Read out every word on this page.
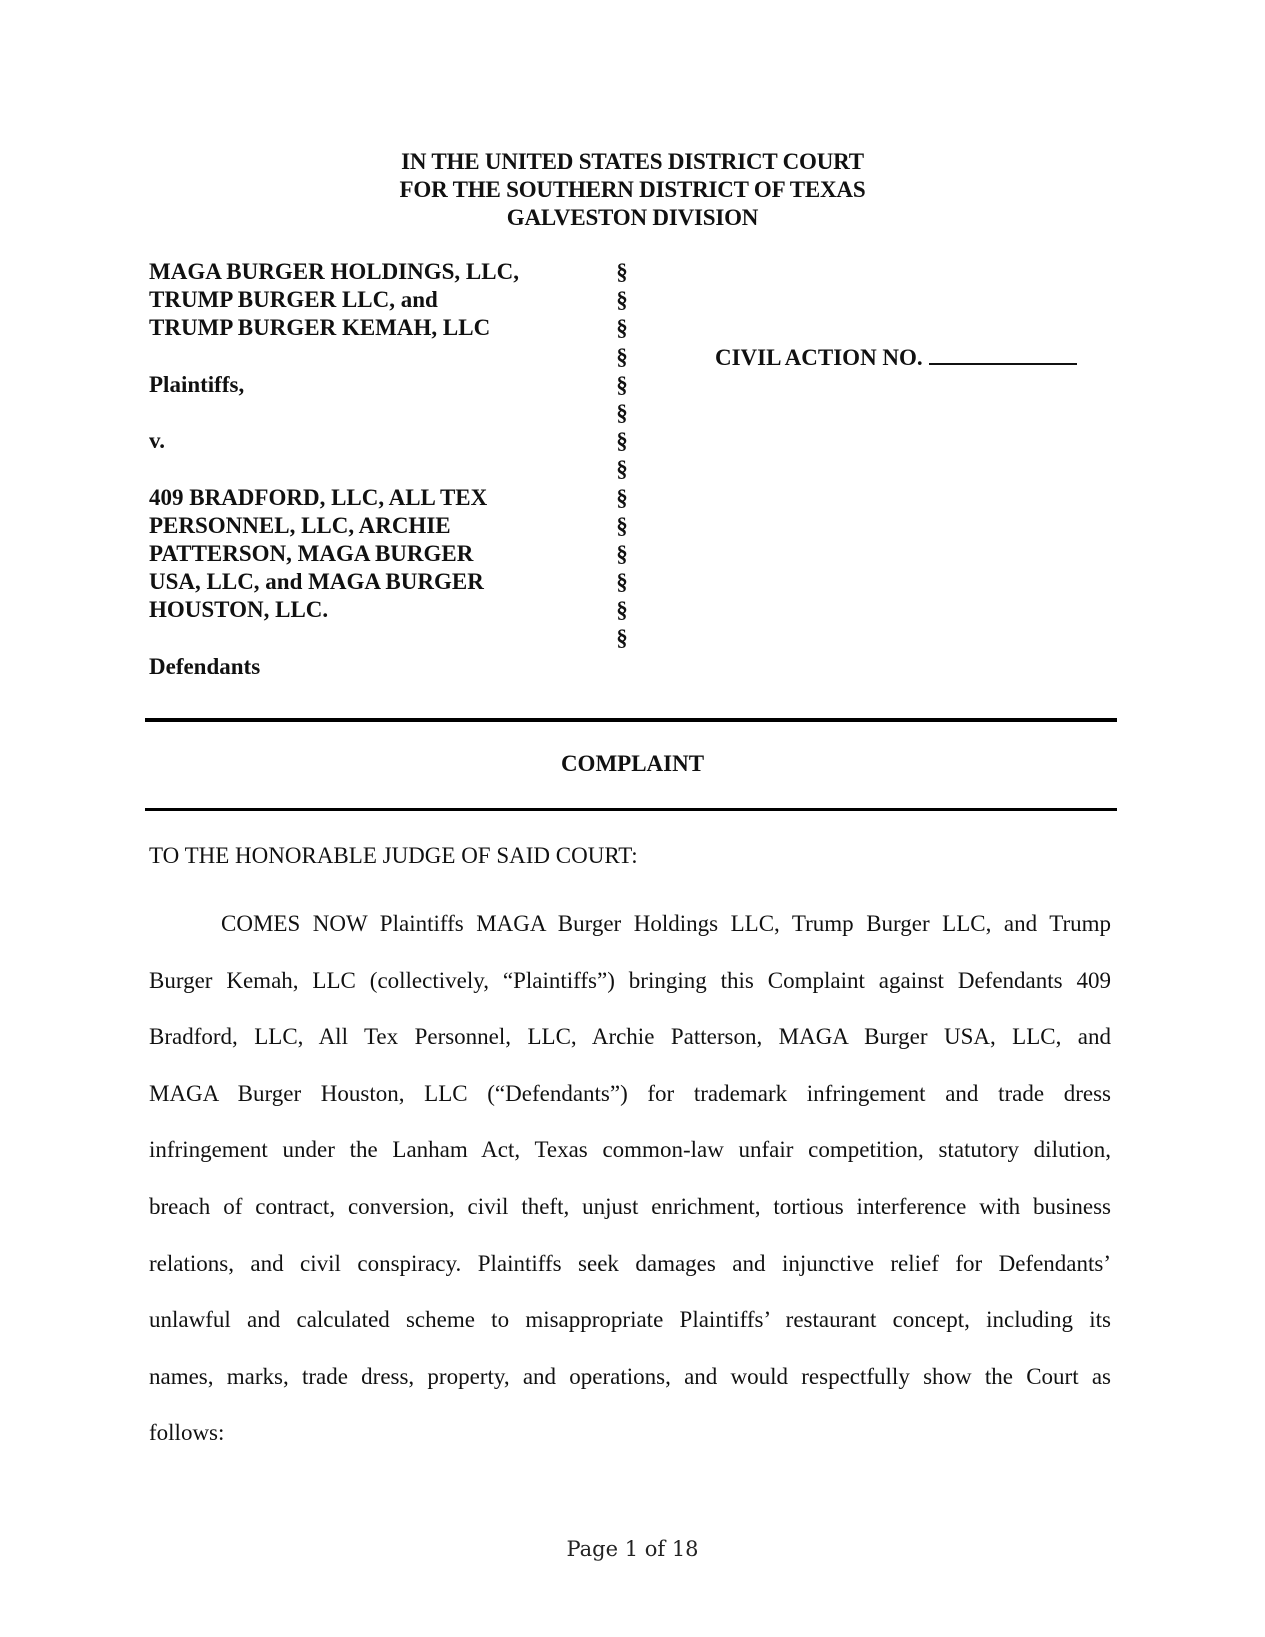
IN THE UNITED STATES DISTRICT COURT
FOR THE SOUTHERN DISTRICT OF TEXAS
GALVESTON DIVISION
MAGA BURGER HOLDINGS, LLC,
TRUMP BURGER LLC, and
TRUMP BURGER KEMAH, LLC
Plaintiffs,
v.
409 BRADFORD, LLC, ALL TEX
PERSONNEL, LLC, ARCHIE
PATTERSON, MAGA BURGER
USA, LLC, and MAGA BURGER
HOUSTON, LLC.
Defendants
§
§
§
§
§
§
§
§
§
§
§
§
§
§
CIVIL ACTION NO.
COMPLAINT
TO THE HONORABLE JUDGE OF SAID COURT:
COMES NOW Plaintiffs MAGA Burger Holdings LLC, Trump Burger LLC, and Trump
Burger Kemah, LLC (collectively, “Plaintiffs”) bringing this Complaint against Defendants 409
Bradford, LLC, All Tex Personnel, LLC, Archie Patterson, MAGA Burger USA, LLC, and
MAGA Burger Houston, LLC (“Defendants”) for trademark infringement and trade dress
infringement under the Lanham Act, Texas common-law unfair competition, statutory dilution,
breach of contract, conversion, civil theft, unjust enrichment, tortious interference with business
relations, and civil conspiracy. Plaintiffs seek damages and injunctive relief for Defendants’
unlawful and calculated scheme to misappropriate Plaintiffs’ restaurant concept, including its
names, marks, trade dress, property, and operations, and would respectfully show the Court as
follows:
Page 1 of 18
